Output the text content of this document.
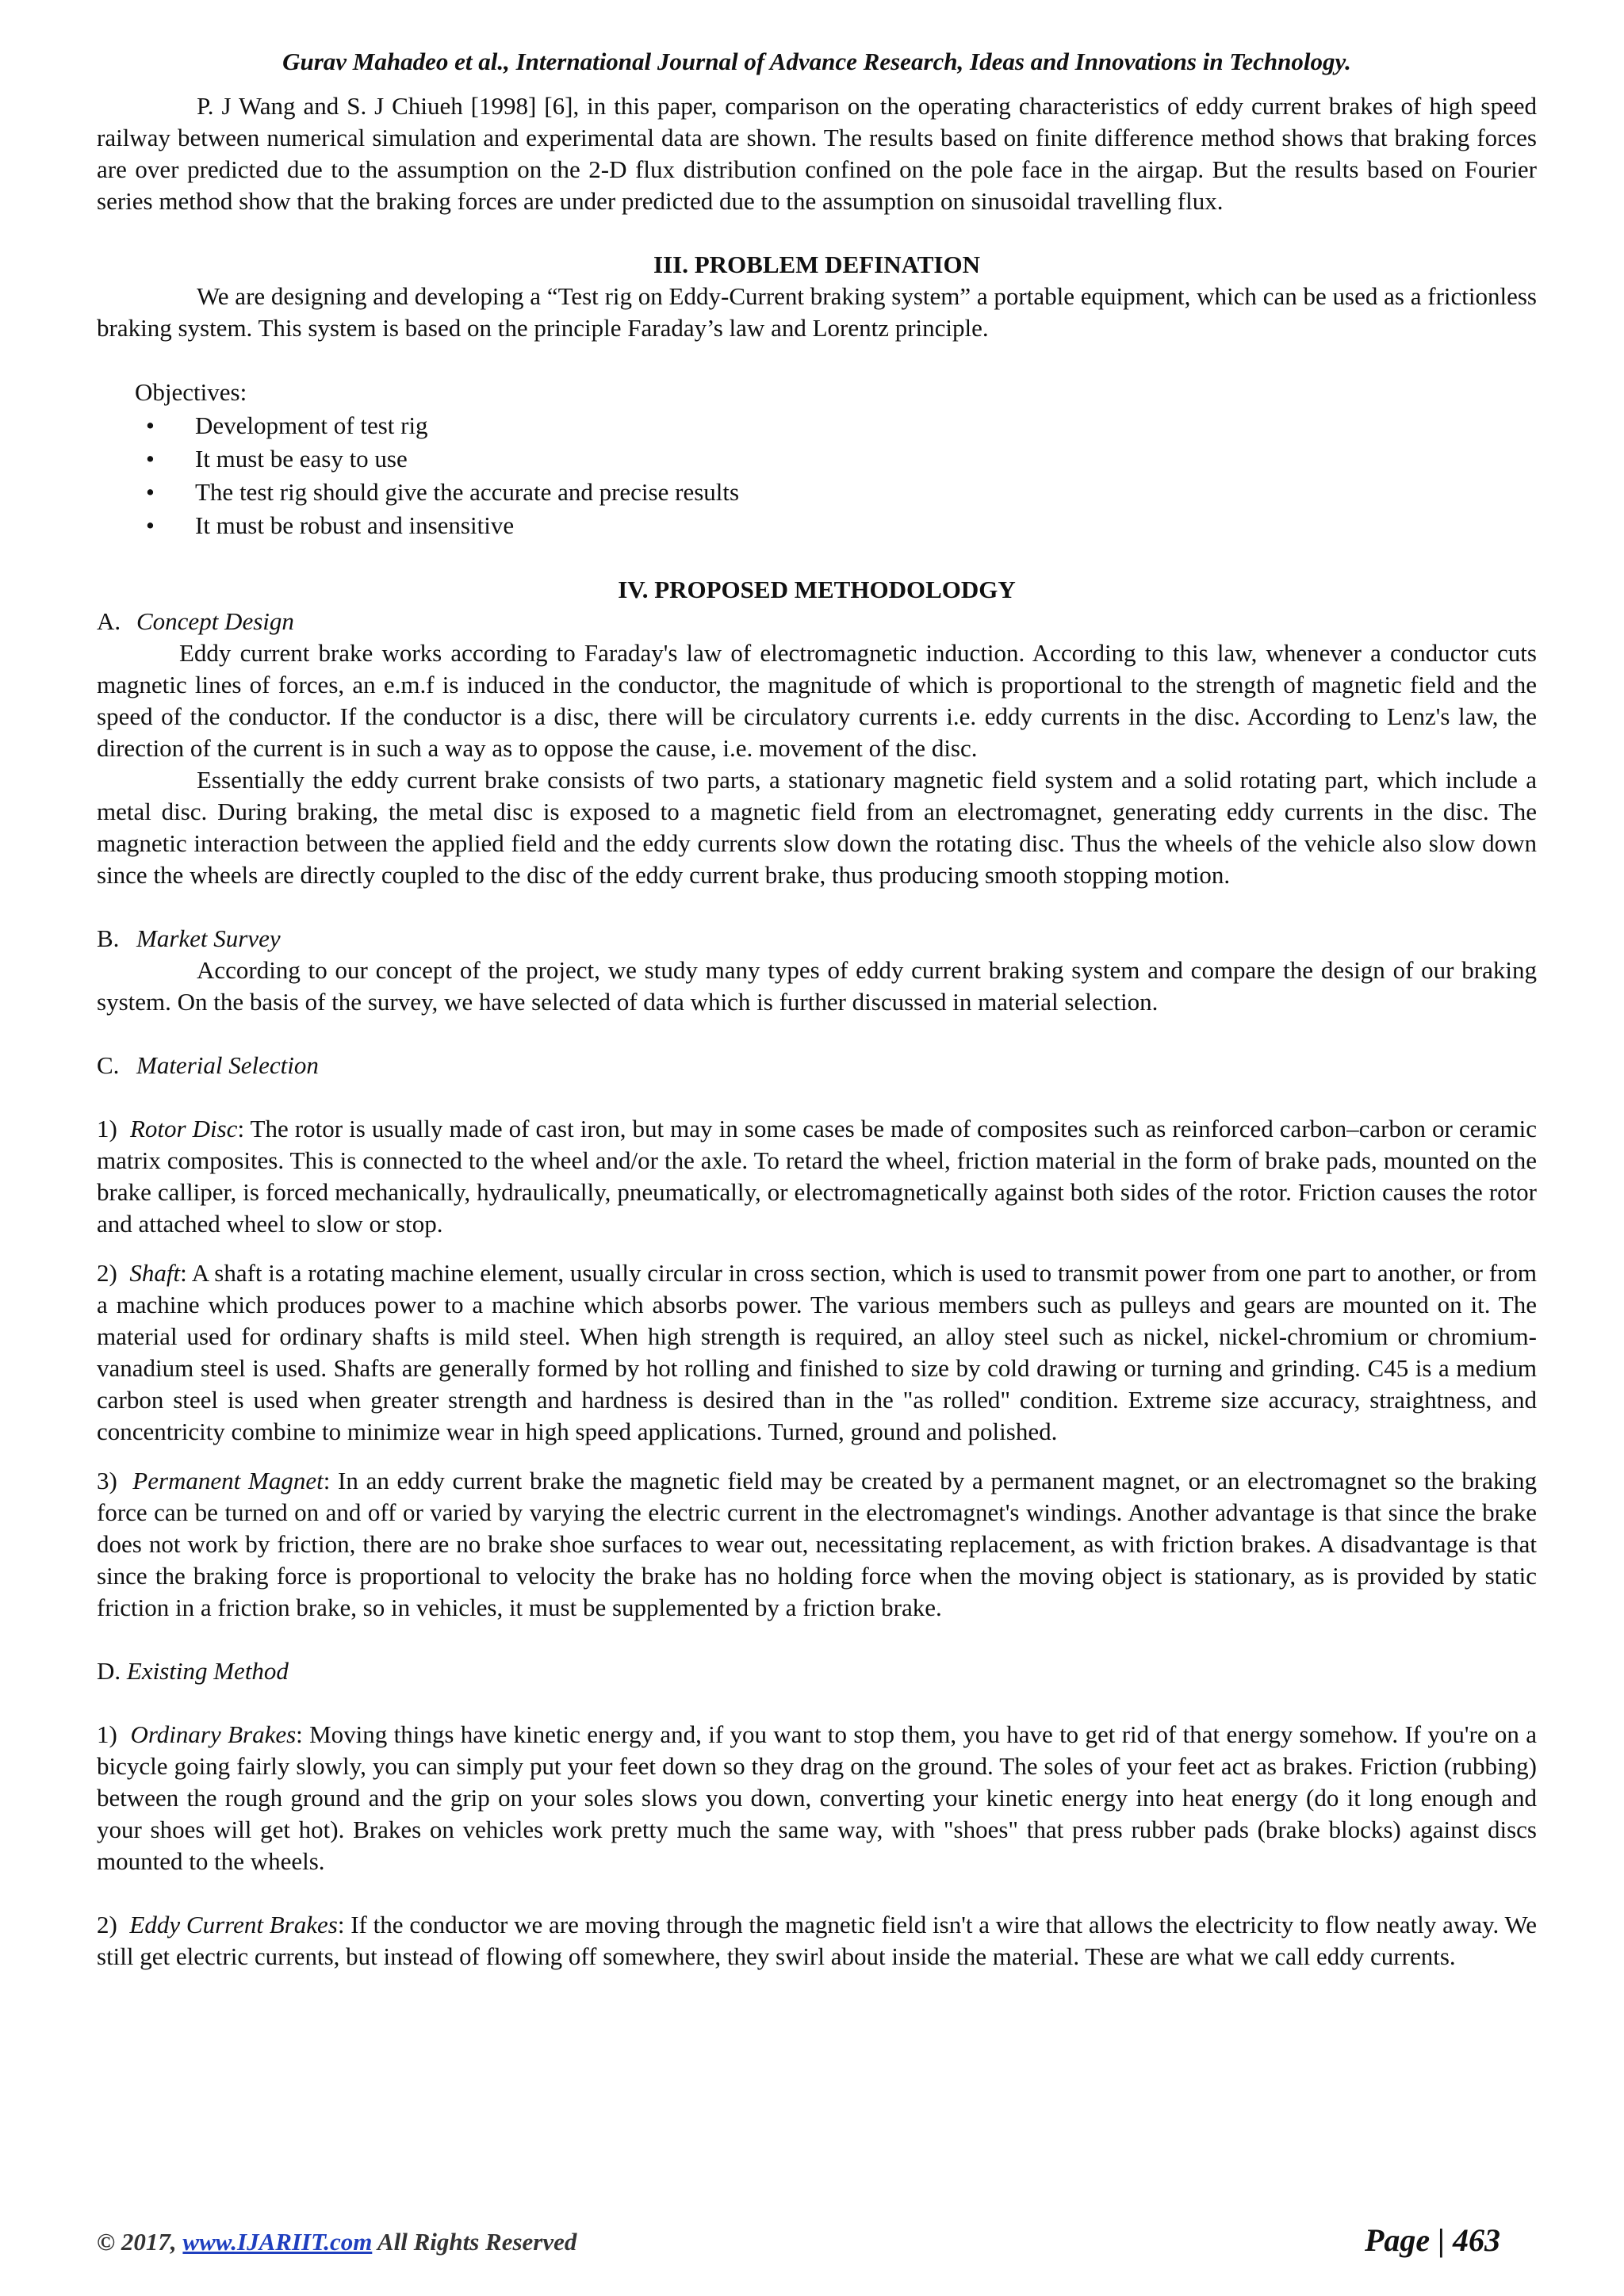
Gurav Mahadeo et al., International Journal of Advance Research, Ideas and Innovations in Technology.

P. J Wang and S. J Chiueh [1998] [6], in this paper, comparison on the operating characteristics of eddy current brakes of high speed railway between numerical simulation and experimental data are shown. The results based on finite difference method shows that braking forces are over predicted due to the assumption on the 2-D flux distribution confined on the pole face in the airgap. But the results based on Fourier series method show that the braking forces are under predicted due to the assumption on sinusoidal travelling flux.

III. PROBLEM DEFINATION

We are designing and developing a “Test rig on Eddy-Current braking system” a portable equipment, which can be used as a frictionless braking system. This system is based on the principle Faraday’s law and Lorentz principle.

Objectives:
•	Development of test rig
•	It must be easy to use
•	The test rig should give the accurate and precise results
•	It must be robust and insensitive
IV. PROPOSED METHODOLODGY
A. Concept Design

Eddy current brake works according to Faraday's law of electromagnetic induction. According to this law, whenever a conductor cuts magnetic lines of forces, an e.m.f is induced in the conductor, the magnitude of which is proportional to the strength of magnetic field and the speed of the conductor. If the conductor is a disc, there will be circulatory currents i.e. eddy currents in the disc. According to Lenz's law, the direction of the current is in such a way as to oppose the cause, i.e. movement of the disc.

Essentially the eddy current brake consists of two parts, a stationary magnetic field system and a solid rotating part, which include a metal disc. During braking, the metal disc is exposed to a magnetic field from an electromagnet, generating eddy currents in the disc. The magnetic interaction between the applied field and the eddy currents slow down the rotating disc. Thus the wheels of the vehicle also slow down since the wheels are directly coupled to the disc of the eddy current brake, thus producing smooth stopping motion.

B. Market Survey

According to our concept of the project, we study many types of eddy current braking system and compare the design of our braking system. On the basis of the survey, we have selected of data which is further discussed in material selection.

C. Material Selection

1) Rotor Disc: The rotor is usually made of cast iron, but may in some cases be made of composites such as reinforced carbon–carbon or ceramic matrix composites. This is connected to the wheel and/or the axle. To retard the wheel, friction material in the form of brake pads, mounted on the brake calliper, is forced mechanically, hydraulically, pneumatically, or electromagnetically against both sides of the rotor. Friction causes the rotor and attached wheel to slow or stop.

2) Shaft: A shaft is a rotating machine element, usually circular in cross section, which is used to transmit power from one part to another, or from a machine which produces power to a machine which absorbs power. The various members such as pulleys and gears are mounted on it. The material used for ordinary shafts is mild steel. When high strength is required, an alloy steel such as nickel, nickel-chromium or chromium-vanadium steel is used. Shafts are generally formed by hot rolling and finished to size by cold drawing or turning and grinding. C45 is a medium carbon steel is used when greater strength and hardness is desired than in the "as rolled" condition. Extreme size accuracy, straightness, and concentricity combine to minimize wear in high speed applications. Turned, ground and polished.

3) Permanent Magnet: In an eddy current brake the magnetic field may be created by a permanent magnet, or an electromagnet so the braking force can be turned on and off or varied by varying the electric current in the electromagnet's windings. Another advantage is that since the brake does not work by friction, there are no brake shoe surfaces to wear out, necessitating replacement, as with friction brakes. A disadvantage is that since the braking force is proportional to velocity the brake has no holding force when the moving object is stationary, as is provided by static friction in a friction brake, so in vehicles, it must be supplemented by a friction brake.

D. Existing Method

1) Ordinary Brakes: Moving things have kinetic energy and, if you want to stop them, you have to get rid of that energy somehow. If you're on a bicycle going fairly slowly, you can simply put your feet down so they drag on the ground. The soles of your feet act as brakes. Friction (rubbing) between the rough ground and the grip on your soles slows you down, converting your kinetic energy into heat energy (do it long enough and your shoes will get hot). Brakes on vehicles work pretty much the same way, with "shoes" that press rubber pads (brake blocks) against discs mounted to the wheels.

2) Eddy Current Brakes: If the conductor we are moving through the magnetic field isn't a wire that allows the electricity to flow neatly away. We still get electric currents, but instead of flowing off somewhere, they swirl about inside the material. These are what we call eddy currents.

© 2017, www.IJARIIT.com All Rights Reserved	Page | 463
